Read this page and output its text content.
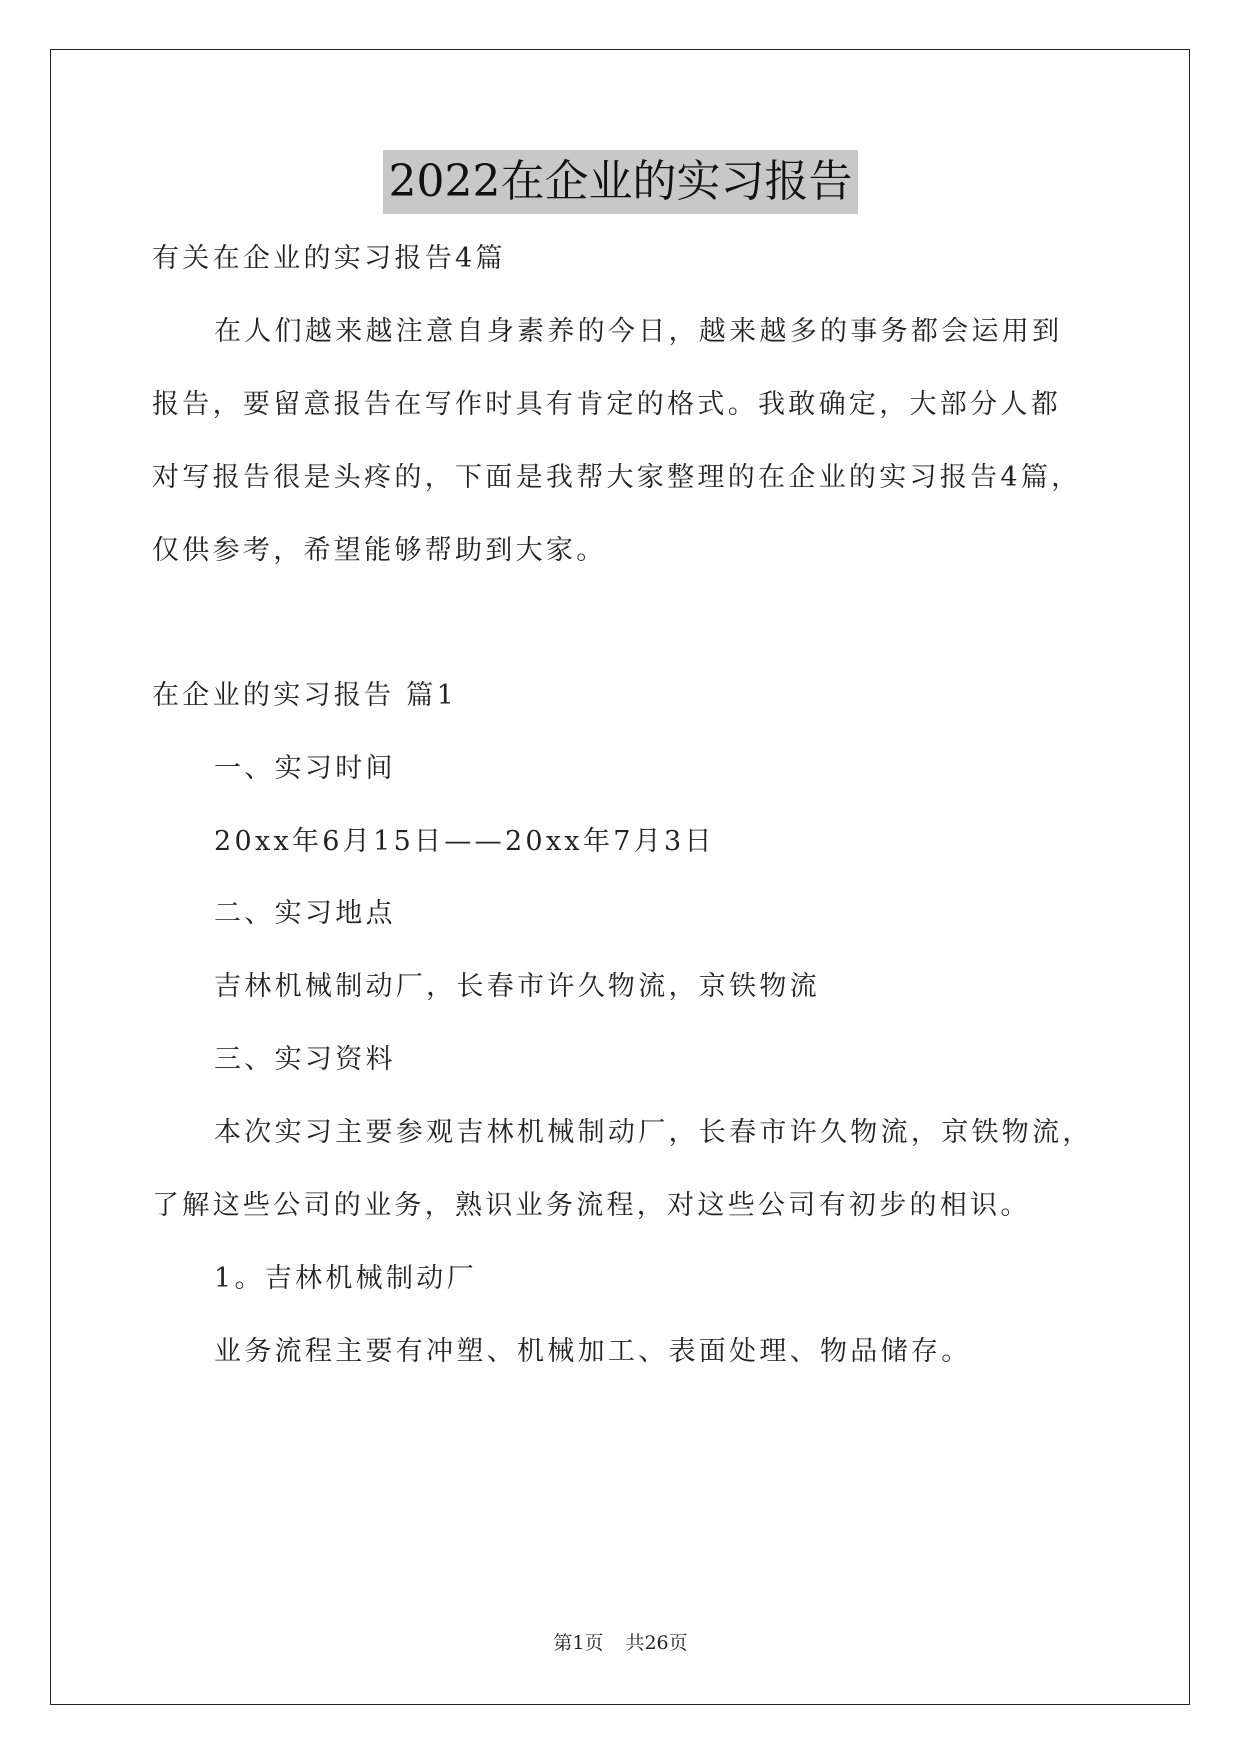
2022在企业的实习报告
有关在企业的实习报告4篇
在人们越来越注意自身素养的今日，越来越多的事务都会运用到
报告，要留意报告在写作时具有肯定的格式。我敢确定，大部分人都
对写报告很是头疼的，下面是我帮大家整理的在企业的实习报告4篇，
仅供参考，希望能够帮助到大家。
在企业的实习报告 篇1
一、实习时间
20xx年6月15日——20xx年7月3日
二、实习地点
吉林机械制动厂，长春市许久物流，京铁物流
三、实习资料
本次实习主要参观吉林机械制动厂，长春市许久物流，京铁物流，
了解这些公司的业务，熟识业务流程，对这些公司有初步的相识。
1。吉林机械制动厂
业务流程主要有冲塑、机械加工、表面处理、物品储存。
第1页 共26页
